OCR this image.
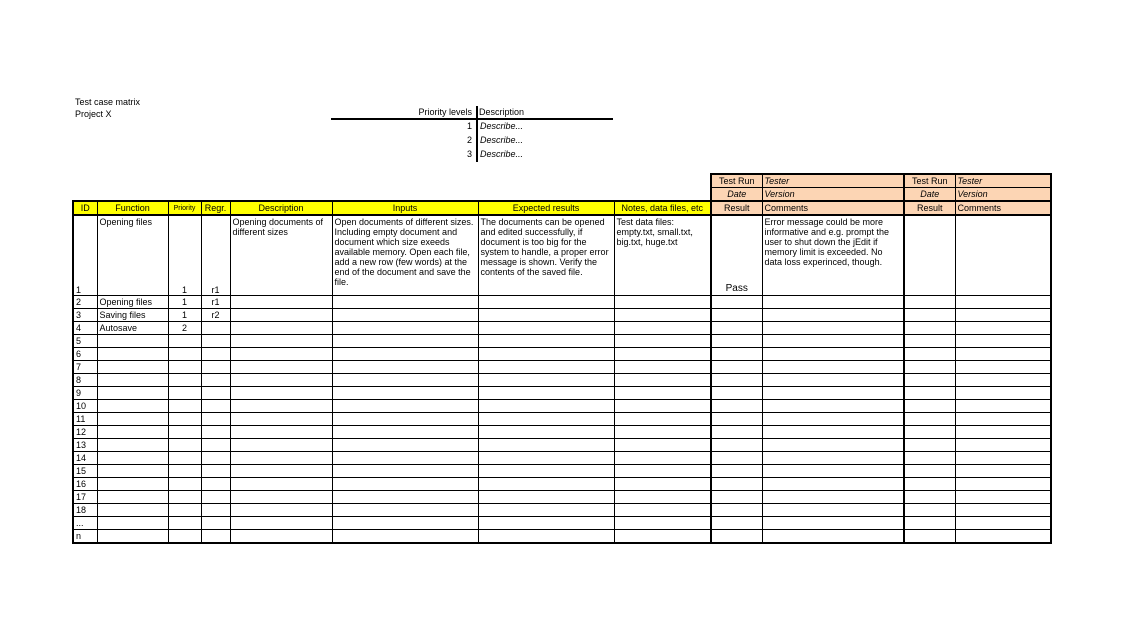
Test case matrix
Project X	Priority levels Description
1 Describe...
2 Describe...
3 Describe...
								Test Run	Tester	Test Run	Tester
								Date	Version	Date	Version
ID	Function	Priority	Regr.	Description	Inputs	Expected results	Notes, data files, etc	Result	Comments	Result	Comments
1	Opening files	1	r1	Opening documents of different sizes	Open documents of different sizes. Including empty document and document which size exeeds available memory. Open each file, add a new row (few words) at the end of the document and save the file.	The documents can be opened and edited successfully, if document is too big for the system to handle, a proper error message is shown. Verify the contents of the saved file.	Test data files: empty.txt, small.txt, big.txt, huge.txt	Pass	Error message could be more informative and e.g. prompt the user to shut down the jEdit if memory limit is exceeded. No data loss experinced, though.		
2	Opening files	1	r1								
3	Saving files	1	r2								
4	Autosave	2									
5											
6											
7											
8											
9											
10											
11											
12											
13											
14											
15											
16											
17											
18											
...											
n											
